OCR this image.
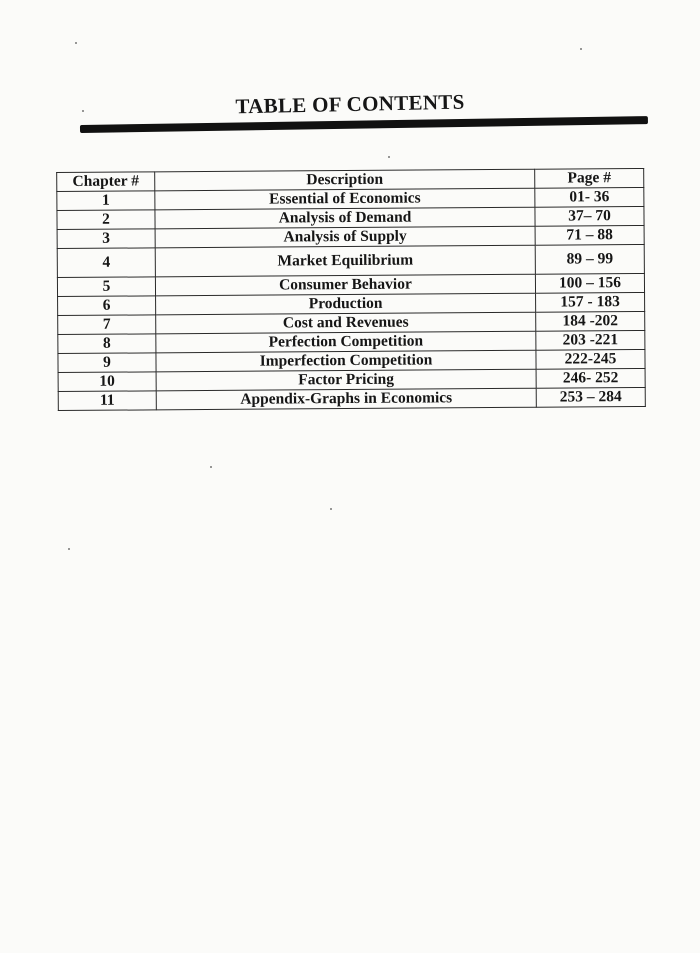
TABLE OF CONTENTS
Chapter #	Description	Page #
1	Essential of Economics	01- 36
2	Analysis of Demand	37– 70
3	Analysis of Supply	71 – 88
4	Market Equilibrium	89 – 99
5	Consumer Behavior	100 – 156
6	Production	157 - 183
7	Cost and Revenues	184 -202
8	Perfection Competition	203 -221
9	Imperfection Competition	222-245
10	Factor Pricing	246- 252
11	Appendix-Graphs in Economics	253 – 284
